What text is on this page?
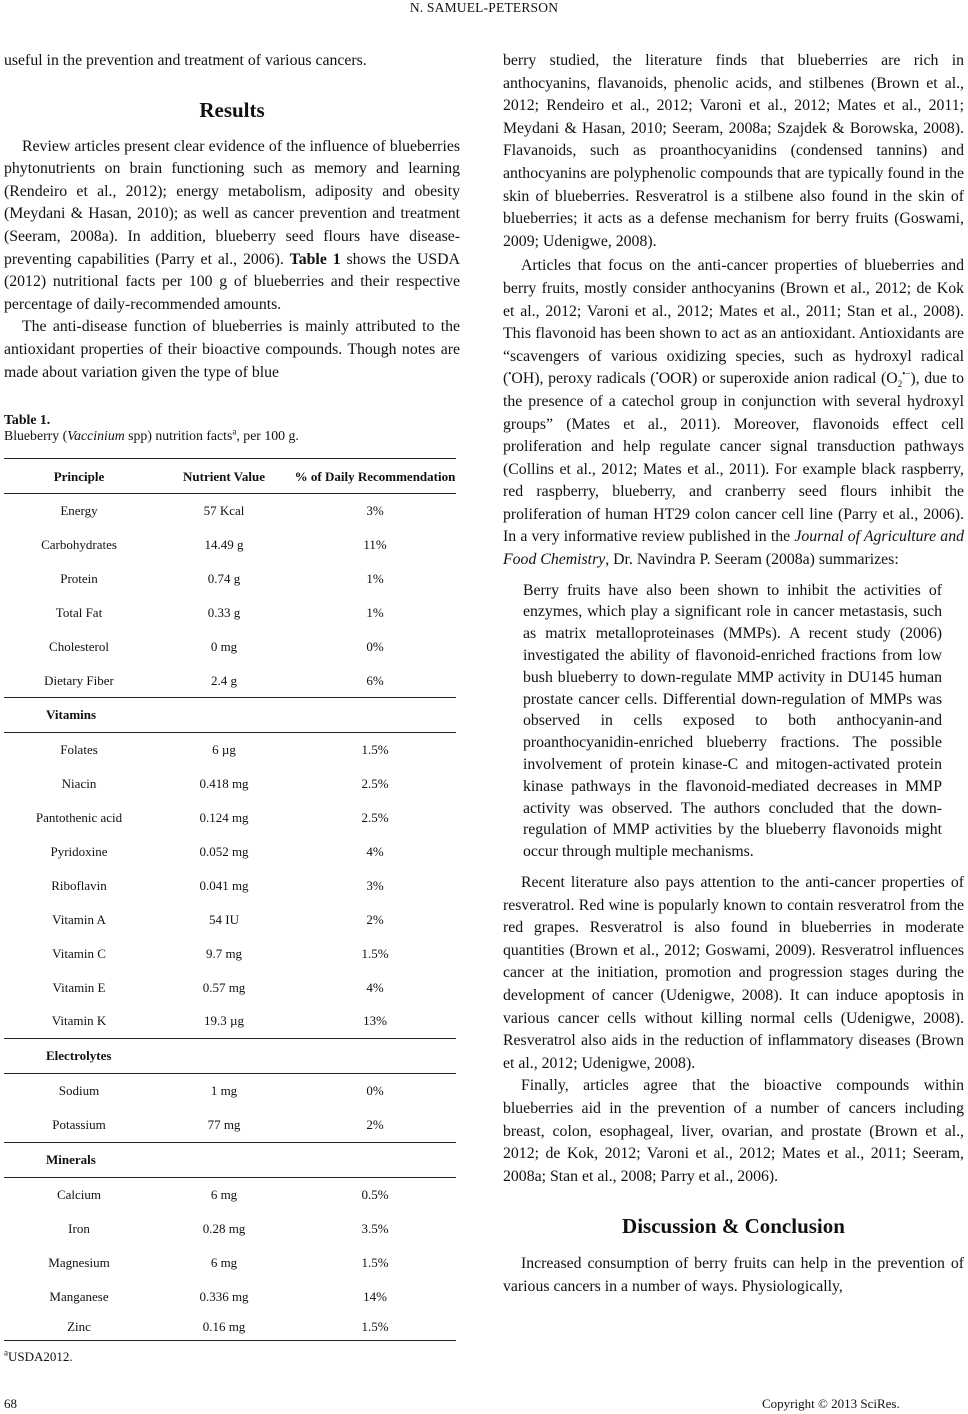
N. SAMUEL-PETERSON

useful in the prevention and treatment of various cancers.

Results

Review articles present clear evidence of the influence of blueberries phytonutrients on brain functioning such as memory and learning (Rendeiro et al., 2012); energy metabolism, adiposity and obesity (Meydani & Hasan, 2010); as well as cancer prevention and treatment (Seeram, 2008a). In addition, blueberry seed flours have disease-preventing capabilities (Parry et al., 2006). Table 1 shows the USDA (2012) nutritional facts per 100 g of blueberries and their respective percentage of daily-recommended amounts.

The anti-disease function of blueberries is mainly attributed to the antioxidant properties of their bioactive compounds. Though notes are made about variation given the type of blue

Table 1.
Blueberry (Vaccinium spp) nutrition facts$^a$, per 100 g.
Principle	Nutrient Value	% of Daily Recommendation
Energy	57 Kcal	3%
Carbohydrates	14.49 g	11%
Protein	0.74 g	1%
Total Fat	0.33 g	1%
Cholesterol	0 mg	0%
Dietary Fiber	2.4 g	6%
Vitamins		
Folates	6 µg	1.5%
Niacin	0.418 mg	2.5%
Pantothenic acid	0.124 mg	2.5%
Pyridoxine	0.052 mg	4%
Riboflavin	0.041 mg	3%
Vitamin A	54 IU	2%
Vitamin C	9.7 mg	1.5%
Vitamin E	0.57 mg	4%
Vitamin K	19.3 µg	13%
Electrolytes		
Sodium	1 mg	0%
Potassium	77 mg	2%
Minerals		
Calcium	6 mg	0.5%
Iron	0.28 mg	3.5%
Magnesium	6 mg	1.5%
Manganese	0.336 mg	14%
Zinc	0.16 mg	1.5%
$^a$USDA2012.

berry studied, the literature finds that blueberries are rich in anthocyanins, flavanoids, phenolic acids, and stilbenes (Brown et al., 2012; Rendeiro et al., 2012; Varoni et al., 2012; Mates et al., 2011; Meydani & Hasan, 2010; Seeram, 2008a; Szajdek & Borowska, 2008). Flavanoids, such as proanthocyanidins (condensed tannins) and anthocyanins are polyphenolic compounds that are typically found in the skin of blueberries. Resveratrol is a stilbene also found in the skin of blueberries; it acts as a defense mechanism for berry fruits (Goswami, 2009; Udenigwe, 2008).

Articles that focus on the anti-cancer properties of blueberries and berry fruits, mostly consider anthocyanins (Brown et al., 2012; de Kok et al., 2012; Varoni et al., 2012; Mates et al., 2011; Stan et al., 2008). This flavonoid has been shown to act as an antioxidant. Antioxidants are “scavengers of various oxidizing species, such as hydroxyl radical (•OH), peroxy radicals (•OOR) or superoxide anion radical $(O_2^{•-})$, due to the presence of a catechol group in conjunction with several hydroxyl groups” (Mates et al., 2011). Moreover, flavonoids effect cell proliferation and help regulate cancer signal transduction pathways (Collins et al., 2012; Mates et al., 2011). For example black raspberry, red raspberry, blueberry, and cranberry seed flours inhibit the proliferation of human HT29 colon cancer cell line (Parry et al., 2006). In a very informative review published in the Journal of Agriculture and Food Chemistry, Dr. Navindra P. Seeram (2008a) summarizes:

Berry fruits have also been shown to inhibit the activities of enzymes, which play a significant role in cancer metastasis, such as matrix metalloproteinases (MMPs). A recent study (2006) investigated the ability of flavonoid-enriched fractions from low bush blueberry to down-regulate MMP activity in DU145 human prostate cancer cells. Differential down-regulation of MMPs was observed in cells exposed to both anthocyanin-and proanthocyanidin-enriched blueberry fractions. The possible involvement of protein kinase-C and mitogen-activated protein kinase pathways in the flavonoid-mediated decreases in MMP activity was observed. The authors concluded that the down-regulation of MMP activities by the blueberry flavonoids might occur through multiple mechanisms.

Recent literature also pays attention to the anti-cancer properties of resveratrol. Red wine is popularly known to contain resveratrol from the red grapes. Resveratrol is also found in blueberries in moderate quantities (Brown et al., 2012; Goswami, 2009). Resveratrol influences cancer at the initiation, promotion and progression stages during the development of cancer (Udenigwe, 2008). It can induce apoptosis in various cancer cells without killing normal cells (Udenigwe, 2008). Resveratrol also aids in the reduction of inflammatory diseases (Brown et al., 2012; Udenigwe, 2008).

Finally, articles agree that the bioactive compounds within blueberries aid in the prevention of a number of cancers including breast, colon, esophageal, liver, ovarian, and prostate (Brown et al., 2012; de Kok, 2012; Varoni et al., 2012; Mates et al., 2011; Seeram, 2008a; Stan et al., 2008; Parry et al., 2006).

Discussion & Conclusion

Increased consumption of berry fruits can help in the prevention of various cancers in a number of ways. Physiologically,

68	Copyright © 2013 SciRes.
